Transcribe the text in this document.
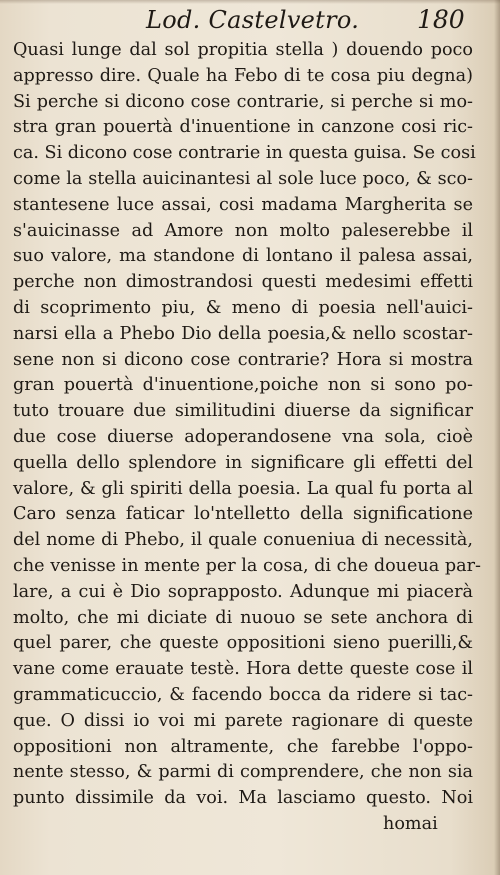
Lod. Castelvetro. 180
Quasi lunge dal sol propitia stella ) douendo poco
appresso dire. Quale ha Febo di te cosa piu degna)
Si perche si dicono cose contrarie, si perche si mo-
stra gran pouertà d'inuentione in canzone cosi ric-
ca. Si dicono cose contrarie in questa guisa. Se cosi
come la stella auicinantesi al sole luce poco, & sco-
stantesene luce assai, cosi madama Margherita se
s'auicinasse ad Amore non molto paleserebbe il
suo valore, ma standone di lontano il palesa assai,
perche non dimostrandosi questi medesimi effetti
di scoprimento piu, & meno di poesia nell'auici-
narsi ella a Phebo Dio della poesia,& nello scostar-
sene non si dicono cose contrarie? Hora si mostra
gran pouertà d'inuentione,poiche non si sono po-
tuto trouare due similitudini diuerse da significar
due cose diuerse adoperandosene vna sola, cioè
quella dello splendore in significare gli effetti del
valore, & gli spiriti della poesia. La qual fu porta al
Caro senza faticar lo'ntelletto della significatione
del nome di Phebo, il quale conueniua di necessità,
che venisse in mente per la cosa, di che doueua par-
lare, a cui è Dio soprapposto. Adunque mi piacerà
molto, che mi diciate di nuouo se sete anchora di
quel parer, che queste oppositioni sieno puerilli,&
vane come erauate testè. Hora dette queste cose il
grammaticuccio, & facendo bocca da ridere si tac-
que. O dissi io voi mi parete ragionare di queste
oppositioni non altramente, che farebbe l'oppo-
nente stesso, & parmi di comprendere, che non sia
punto dissimile da voi. Ma lasciamo questo. Noi
homai
